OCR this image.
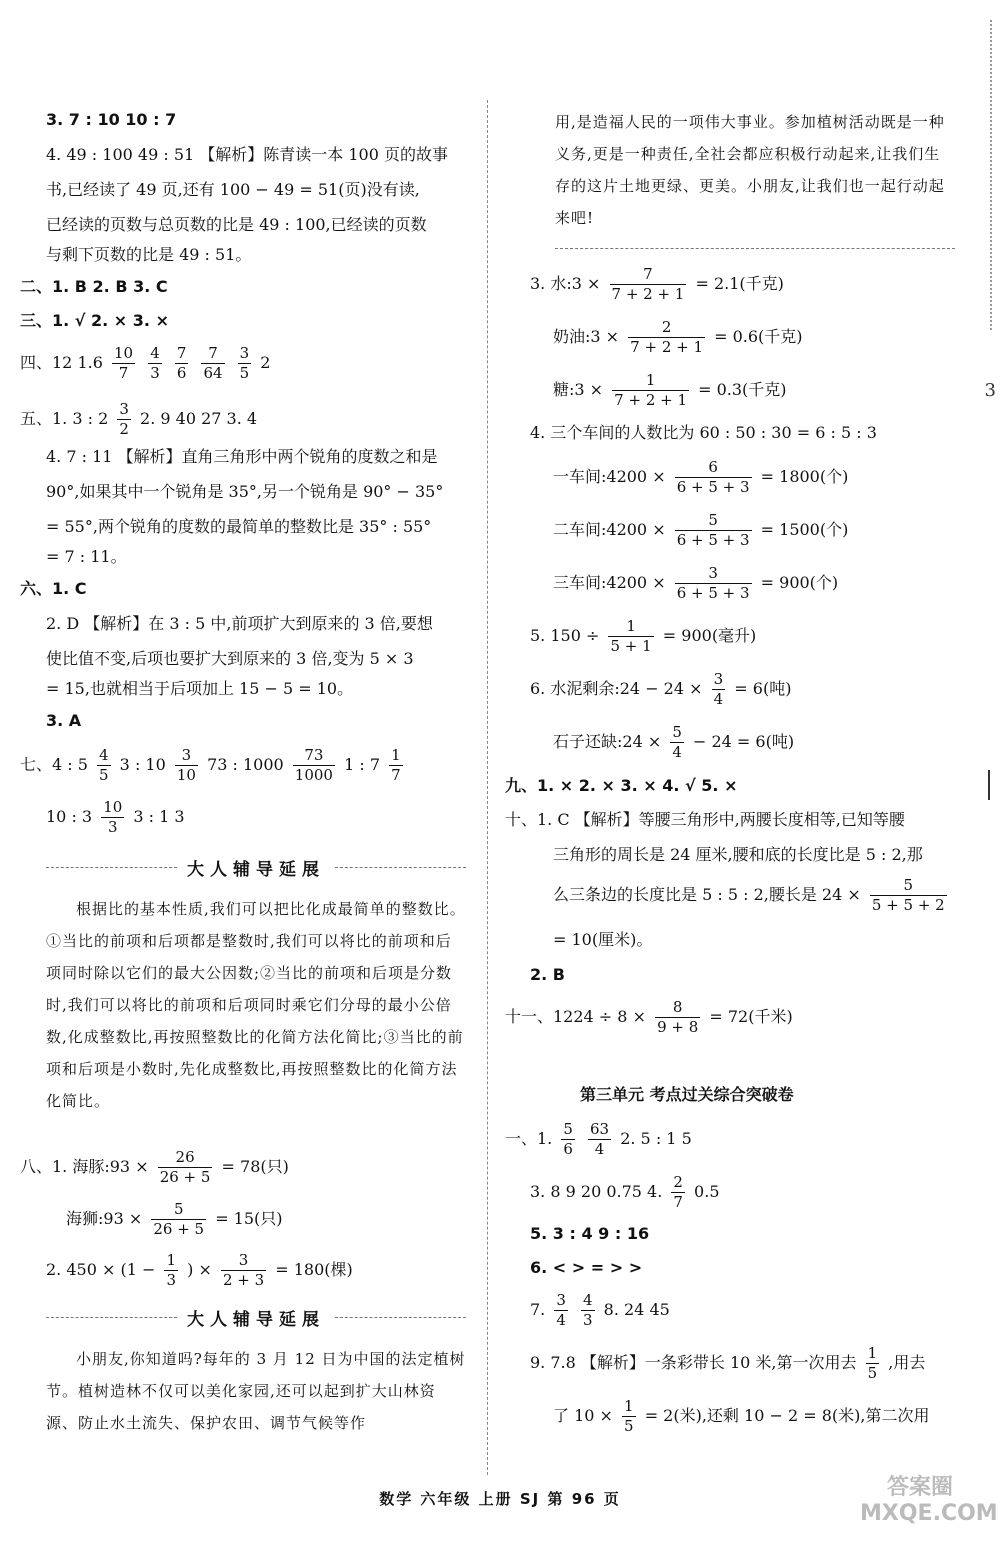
3
3. 7 : 10 10 : 7
4. 49 : 100 49 : 51 【解析】陈青读一本 100 页的故事
书,已经读了 49 页,还有 100 − 49 = 51(页)没有读,
已经读的页数与总页数的比是 49 : 100,已经读的页数
与剩下页数的比是 49 : 51。
二、1. B 2. B 3. C
三、1. √ 2. × 3. ×
四、12 $1.6 \frac{10}{7}$
$\frac{4}{3}$
$\frac{7}{6}$
$\frac{7}{64}$
$\frac{3}{5} 2$
五、1. 3 : $2 \frac{3}{2} 2$. 9 40 27 3. 4
4. 7 : 11 【解析】直角三角形中两个锐角的度数之和是
90°,如果其中一个锐角是 35°,另一个锐角是 90° − 35°
= 55°,两个锐角的度数的最简单的整数比是 35° : 55°
= 7 : 11。
六、1. C
2. D 【解析】在 3 : 5 中,前项扩大到原来的 3 倍,要想
使比值不变,后项也要扩大到原来的 3 倍,变为 5 × 3
= 15,也就相当于后项加上 15 − 5 = 10。
3. A
七、4 : $5 \frac{4}{5} 3$ : $10 \frac{3}{10} 73$ : $1000 \frac{73}{1000} 1$ : $7 \frac{1}{7}$
10 : $3 \frac{10}{3} 3$ : 1 3
大人辅导延展
根据比的基本性质,我们可以把比化成最简单的整数比。①当比的前项和后项都是整数时,我们可以将比的前项和后项同时除以它们的最大公因数;②当比的前项和后项是分数时,我们可以将比的前项和后项同时乘它们分母的最小公倍数,化成整数比,再按照整数比的化简方法化简比;③当比的前项和后项是小数时,先化成整数比,再按照整数比的化简方法化简比。
八、1. 海豚:93 × $\frac{26}{26 + 5} = 78$(只)
海狮:93 × $\frac{5}{26 + 5} = 15$(只)
2. $450 \times (1 - \frac{1}{3}$ ) × $\frac{3}{2 + 3} = 180$(棵)
大人辅导延展
小朋友,你知道吗?每年的 3 月 12 日为中国的法定植树节。植树造林不仅可以美化家园,还可以起到扩大山林资源、防止水土流失、保护农田、调节气候等作
用,是造福人民的一项伟大事业。参加植树活动既是一种义务,更是一种责任,全社会都应积极行动起来,让我们生存的这片土地更绿、更美。小朋友,让我们也一起行动起来吧!
3. 水:3 × $\frac{7}{7 + 2 + 1} = 2.1$(千克)
奶油:3 × $\frac{2}{7 + 2 + 1} = 0.6$(千克)
糖:3 × $\frac{1}{7 + 2 + 1} = 0.3$(千克)
4. 三个车间的人数比为 60 : 50 : 30 = 6 : 5 : 3
一车间:4200 × $\frac{6}{6 + 5 + 3} = 1800$(个)
二车间:4200 × $\frac{5}{6 + 5 + 3} = 1500$(个)
三车间:4200 × $\frac{3}{6 + 5 + 3} = 900$(个)
5. $150 \div \frac{1}{5 + 1} = 900$(毫升)
6. 水泥剩余:24 − $24 \times \frac{3}{4} = 6$(吨)
石子还缺:24 × $\frac{5}{4} - 24 = 6$(吨)
九、1. × 2. × 3. × 4. √ 5. ×
十、1. C 【解析】等腰三角形中,两腰长度相等,已知等腰
三角形的周长是 24 厘米,腰和底的长度比是 5 : 2,那
么三条边的长度比是 5 : 5 : 2,腰长是 $24 \times \frac{5}{5 + 5 + 2}$
= 10(厘米)。
2. B
十一、$1224 \div 8 \times \frac{8}{9 + 8} = 72$(千米)
第三单元 考点过关综合突破卷
一、1. $\frac{5}{6}$
$\frac{63}{4} 2$. 5 : 1 5
3. 8 9 20 0.75 4. $\frac{2}{7} 0.5$
5. 3 : 4 9 : 16
6. < > = > >
7. $\frac{3}{4}$
$\frac{4}{3} 8$. 24 45
9. 7.8 【解析】一条彩带长 10 米,第一次用去 $\frac{1}{5}$ ,用去
了 $10 \times \frac{1}{5} = 2$(米),还剩 10 − 2 = 8(米),第二次用
数学 六年级 上册 SJ 第 96 页	答案圈 MXQE.COM
